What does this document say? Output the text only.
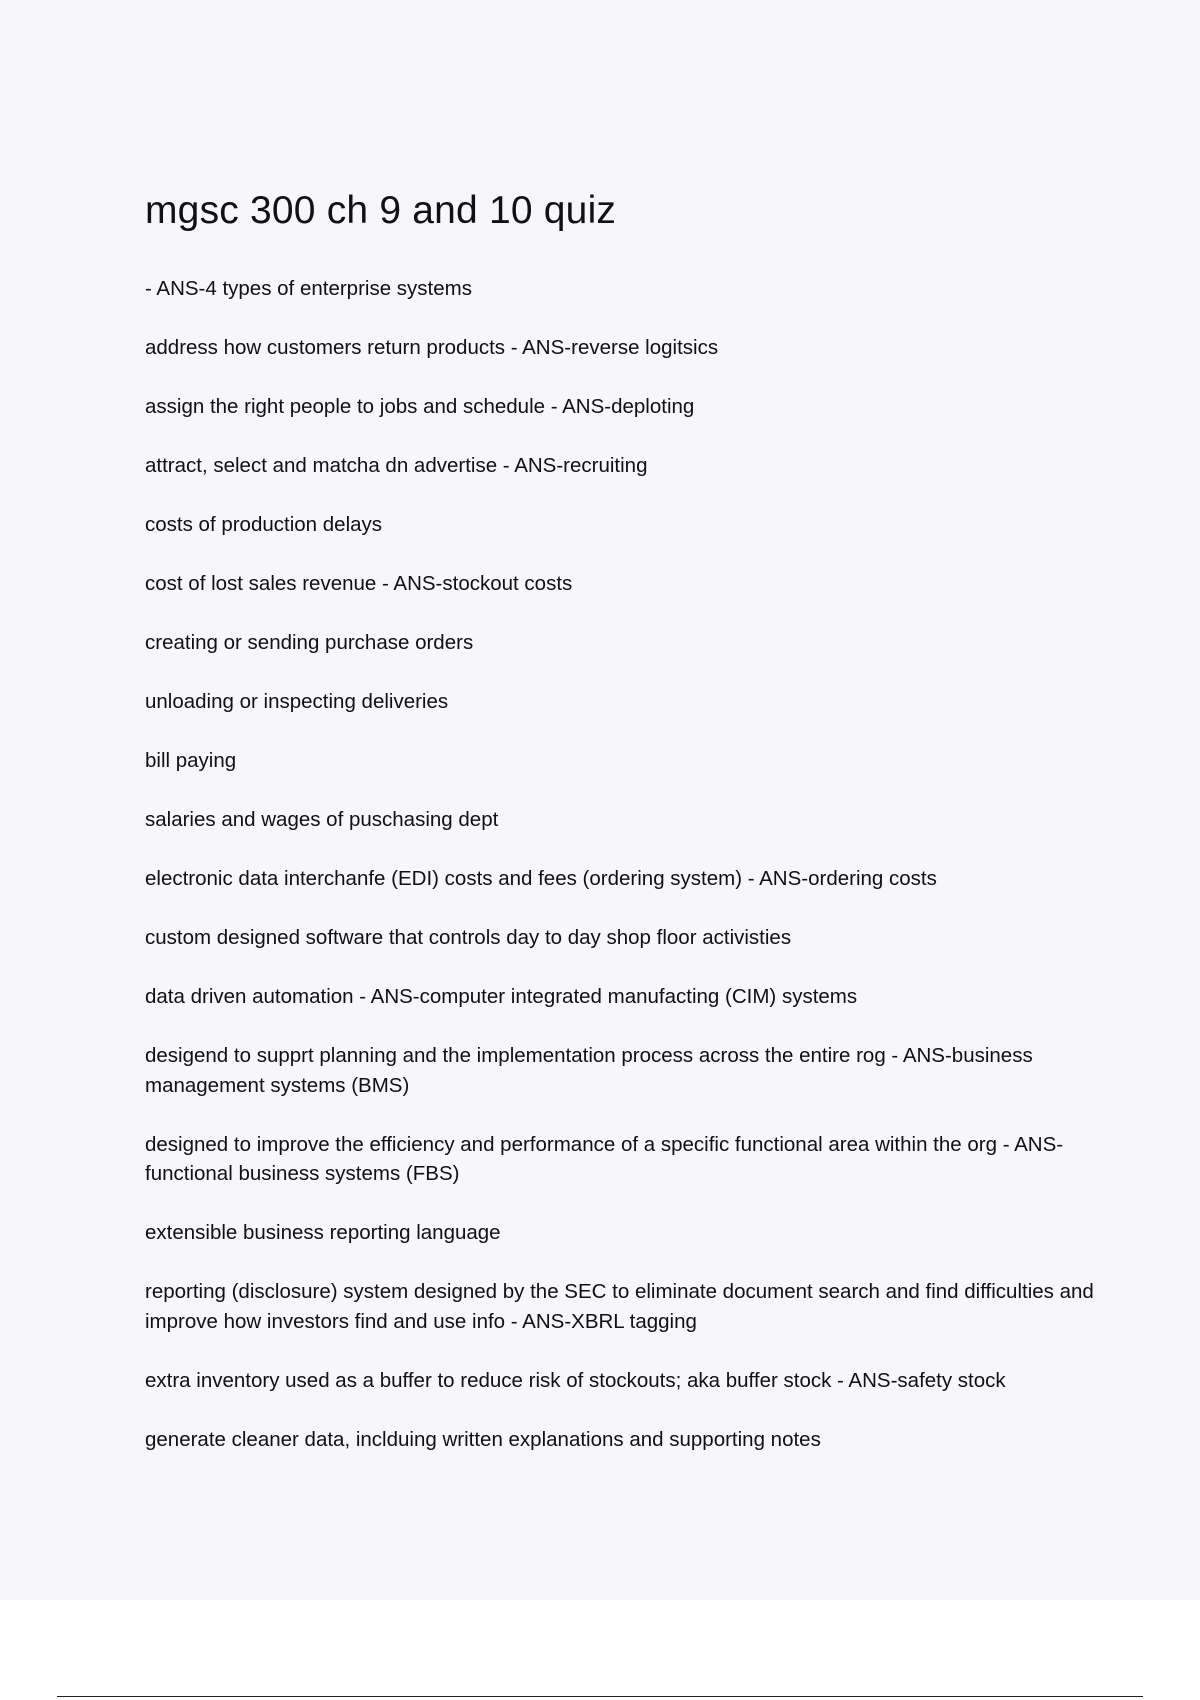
mgsc 300 ch 9 and 10 quiz
- ANS-4 types of enterprise systems
address how customers return products - ANS-reverse logitsics
assign the right people to jobs and schedule - ANS-deploting
attract, select and matcha dn advertise - ANS-recruiting
costs of production delays
cost of lost sales revenue - ANS-stockout costs
creating or sending purchase orders
unloading or inspecting deliveries
bill paying
salaries and wages of puschasing dept
electronic data interchanfe (EDI) costs and fees (ordering system) - ANS-ordering costs
custom designed software that controls day to day shop floor activisties
data driven automation - ANS-computer integrated manufacting (CIM) systems
desigend to supprt planning and the implementation process across the entire rog - ANS-business management systems (BMS)
designed to improve the efficiency and performance of a specific functional area within the org - ANS-functional business systems (FBS)
extensible business reporting language
reporting (disclosure) system designed by the SEC to eliminate document search and find difficulties and improve how investors find and use info - ANS-XBRL tagging
extra inventory used as a buffer to reduce risk of stockouts; aka buffer stock - ANS-safety stock
generate cleaner data, inclduing written explanations and supporting notes
